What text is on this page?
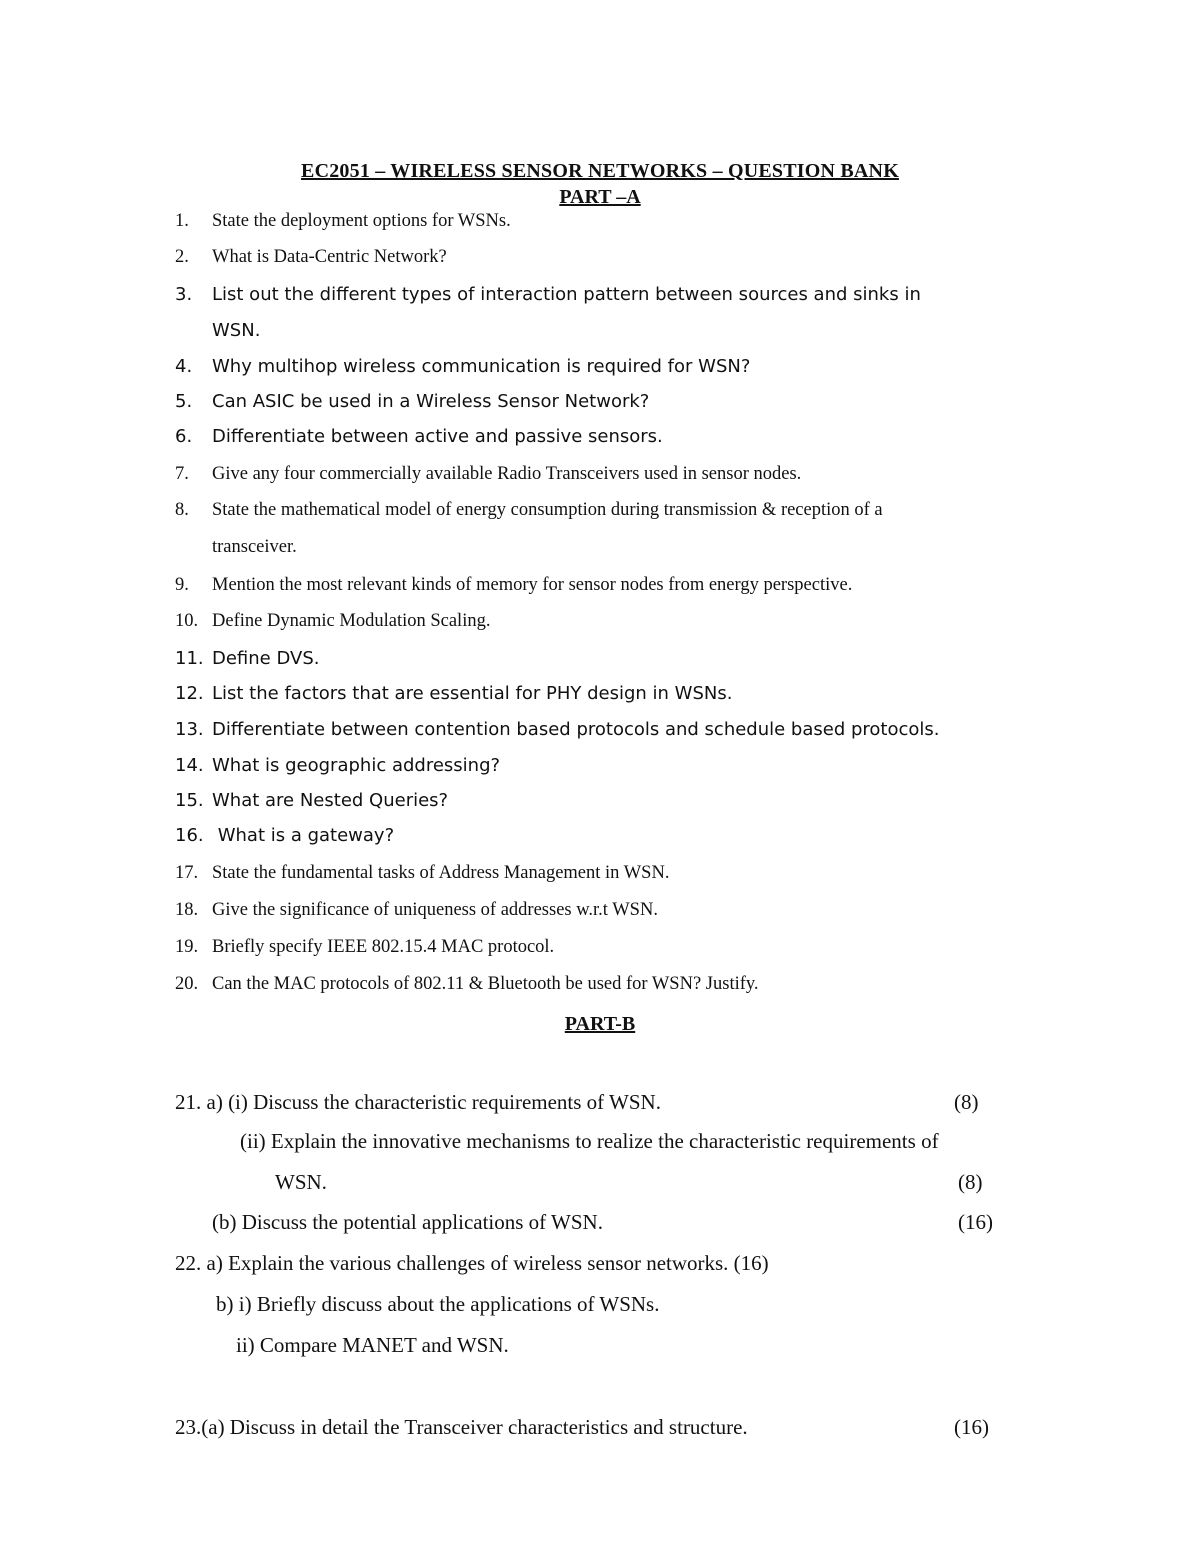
EC2051 – WIRELESS SENSOR NETWORKS – QUESTION BANK
PART –A
1. State the deployment options for WSNs.
2. What is Data-Centric Network?
3. List out the different types of interaction pattern between sources and sinks in
WSN.
4. Why multihop wireless communication is required for WSN?
5. Can ASIC be used in a Wireless Sensor Network?
6. Differentiate between active and passive sensors.
7. Give any four commercially available Radio Transceivers used in sensor nodes.
8. State the mathematical model of energy consumption during transmission & reception of a
transceiver.
9. Mention the most relevant kinds of memory for sensor nodes from energy perspective.
10. Define Dynamic Modulation Scaling.
11. Define DVS.
12. List the factors that are essential for PHY design in WSNs.
13. Differentiate between contention based protocols and schedule based protocols.
14. What is geographic addressing?
15. What are Nested Queries?
16. What is a gateway?
17. State the fundamental tasks of Address Management in WSN.
18. Give the significance of uniqueness of addresses w.r.t WSN.
19. Briefly specify IEEE 802.15.4 MAC protocol.
20. Can the MAC protocols of 802.11 & Bluetooth be used for WSN? Justify.
PART-B
21. a) (i) Discuss the characteristic requirements of WSN.	(8)
(ii) Explain the innovative mechanisms to realize the characteristic requirements of
WSN.	(8)
(b) Discuss the potential applications of WSN.	(16)
22. a) Explain the various challenges of wireless sensor networks. (16)
b) i) Briefly discuss about the applications of WSNs.
ii) Compare MANET and WSN.
23.(a) Discuss in detail the Transceiver characteristics and structure.	(16)
